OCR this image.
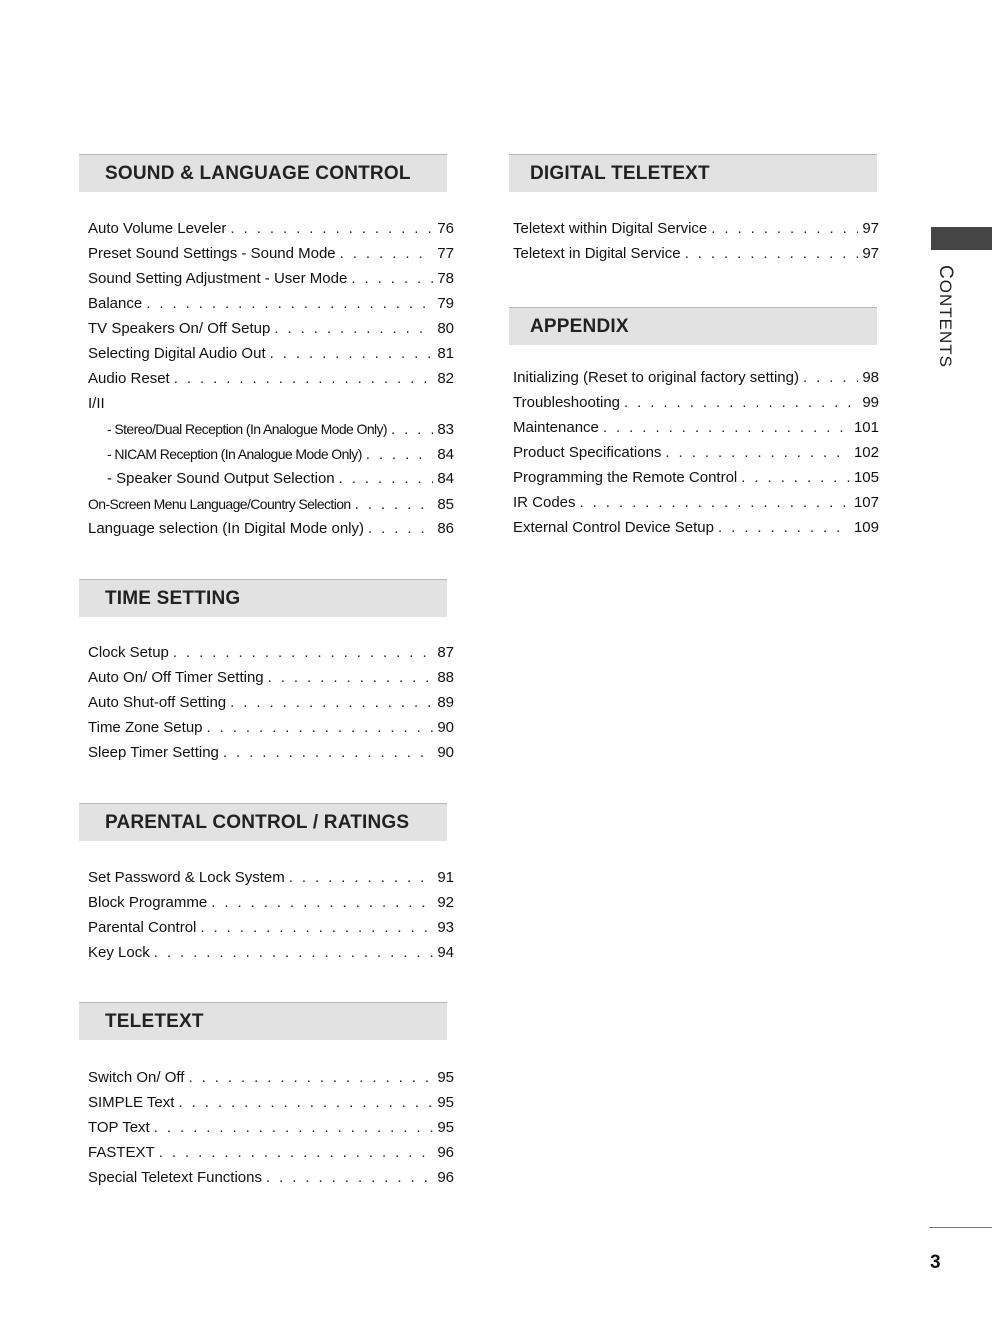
SOUND & LANGUAGE CONTROL
Auto Volume Leveler . . .	76
Preset Sound Settings - Sound Mode . . .	77
Sound Setting Adjustment - User Mode . . .	78
Balance . . .	79
TV Speakers On/ Off Setup . . .	80
Selecting Digital Audio Out . . .	81
Audio Reset . . .	82
I/II
- Stereo/Dual Reception (In Analogue Mode Only) . . .	83
- NICAM Reception (In Analogue Mode Only) . . .	84
- Speaker Sound Output Selection . . .	84
On-Screen Menu Language/Country Selection . . .	85
Language selection (In Digital Mode only) . . .	86
TIME SETTING
Clock Setup . . .	87
Auto On/ Off Timer Setting . . .	88
Auto Shut-off Setting . . .	89
Time Zone Setup . . .	90
Sleep Timer Setting . . .	90
PARENTAL CONTROL / RATINGS
Set Password & Lock System . . .	91
Block Programme . . .	92
Parental Control . . .	93
Key Lock . . .	94
TELETEXT
Switch On/ Off . . .	95
SIMPLE Text . . .	95
TOP Text . . .	95
FASTEXT . . .	96
Special Teletext Functions . . .	96
DIGITAL TELETEXT
Teletext within Digital Service . . .	97
Teletext in Digital Service . . .	97
APPENDIX
Initializing (Reset to original factory setting) . . .	98
Troubleshooting . . .	99
Maintenance . . .	101
Product Specifications . . .	102
Programming the Remote Control . . .	105
IR Codes . . .	107
External Control Device Setup . . .	109
CONTENTS
3
